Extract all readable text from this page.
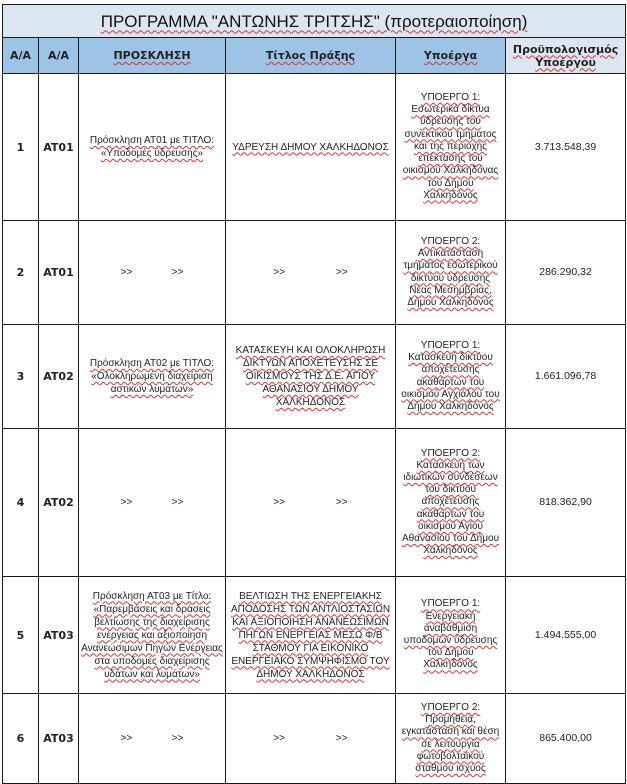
ΠΡΟΓΡΑΜΜΑ "ΑΝΤΩΝΗΣ ΤΡΙΤΣΗΣ" (προτεραιοποίηση)					
Α/Α	Α/Α	ΠΡΟΣΚΛΗΣΗ	Τίτλος Πράξης	Υποέργα	Προϋπολογισμός Υποέργου
1	AT01	Πρόσκληση ΑΤ01 με ΤΙΤΛΟ: «Υποδομές ύδρευσης»	ΥΔΡΕΥΣΗ ΔΗΜΟΥ ΧΑΛΚΗΔΟΝΟΣ	ΥΠΟΕΡΓΟ 1: Εσωτερικά δίκτυα ύδρευσης του συνεκτικού τμήματος και της περιοχής επέκτασης του οικισμού Χαλκηδόνας του Δήμου Χαλκηδόνος	3.713.548,39
2	AT01	>> >>	>> >>	ΥΠΟΕΡΓΟ 2: Αντικατάσταση τμήματος εσωτερικού δικτύου ύδρευσης Νέας Μεσημβρίας, Δήμου Χαλκηδόνος	286.290,32
3	AT02	Πρόσκληση ΑΤ02 με ΤΙΤΛΟ: «Ολοκληρωμένη διαχείριση αστικών λυμάτων»	ΚΑΤΑΣΚΕΥΗ ΚΑΙ ΟΛΟΚΛΗΡΩΣΗ ΔΙΚΤΥΩΝ ΑΠΟΧΕΤΕΥΣΗΣ ΣΕ ΟΙΚΙΣΜΟΥΣ ΤΗΣ Δ.Ε. ΑΓΙΟΥ ΑΘΑΝΑΣΙΟΥ ΔΗΜΟΥ ΧΑΛΚΗΔΟΝΟΣ	ΥΠΟΕΡΓΟ 1: Κατασκευή δικτύου αποχέτευσης ακαθάρτων του οικισμού Αγχιάλου του Δήμου Χαλκηδόνος	1.661.096,78
4	AT02	>> >>	>> >>	ΥΠΟΕΡΓΟ 2: Κατασκευή των ιδιωτικών συνδέσεων του δικτύου αποχέτευσης ακαθάρτων του οικισμού Αγίου Αθανασίου του Δήμου Χαλκηδόνος	818.362,90
5	AT03	Πρόσκληση ΑΤ03 με Τίτλο: «Παρεμβάσεις και δράσεις βελτίωσης της διαχείρισης ενέργειας και αξιοποίηση Ανανεώσιμων Πηγών Ενέργειας στα υποδομές διαχείρισης υδάτων και λυμάτων»	ΒΕΛΤΙΩΣΗ ΤΗΣ ΕΝΕΡΓΕΙΑΚΗΣ ΑΠΟΔΟΣΗΣ ΤΩΝ ΑΝΤΛΙΟΣΤΑΣΙΩΝ ΚΑΙ ΑΞΙΟΠΟΙΗΣΗ ΑΝΑΝΕΩΣΙΜΩΝ ΠΗΓΩΝ ΕΝΕΡΓΕΙΑΣ ΜΕΣΩ Φ/Β ΣΤΑΘΜΟΥ ΓΙΑ ΕΙΚΟΝΙΚΟ ΕΝΕΡΓΕΙΑΚΟ ΣΥΜΨΗΦΙΣΜΟ ΤΟΥ ΔΗΜΟΥ ΧΑΛΚΗΔΟΝΟΣ	ΥΠΟΕΡΓΟ 1: Ενεργειακή αναβάθμιση υποδομών ύδρευσης του Δήμου Χαλκηδόνος	1.494.555,00
6	AT03	>> >>	>> >>	ΥΠΟΕΡΓΟ 2: Προμήθεια, εγκατάσταση και θέση σε λειτουργία φωτοβολταϊκού σταθμού ισχύος	865.400,00
